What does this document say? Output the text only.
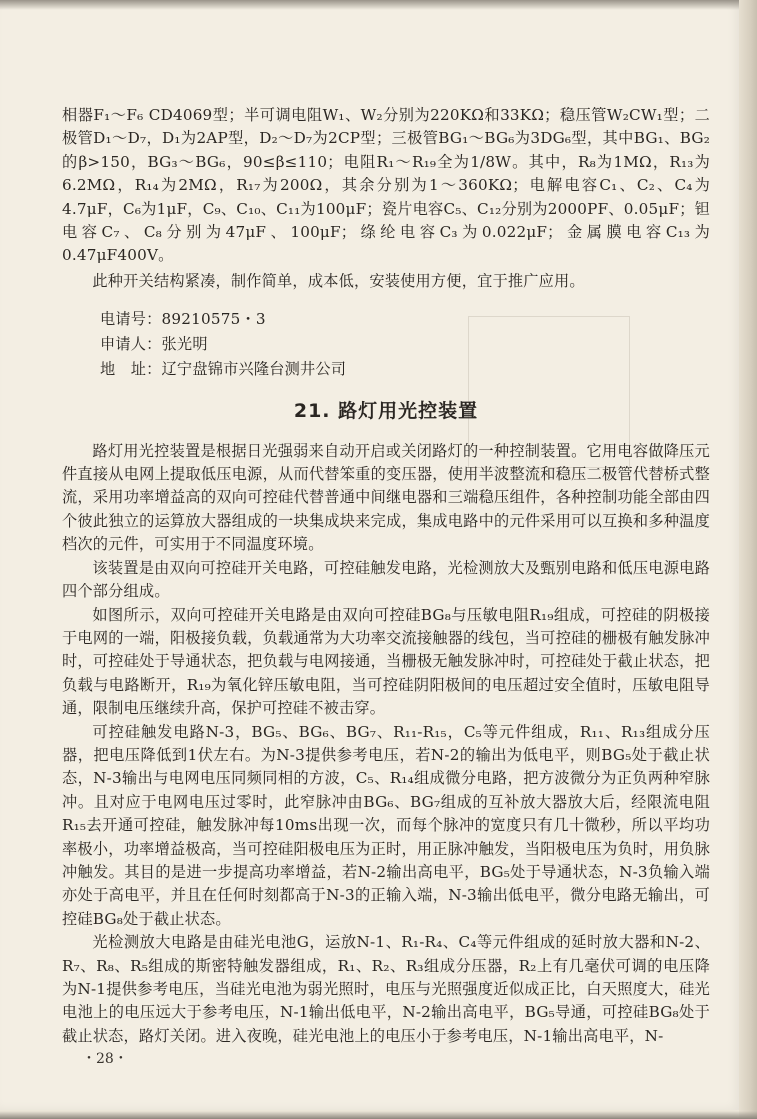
相器F₁～F₆ CD4069型；半可调电阻W₁、W₂分别为220KΩ和33KΩ；稳压管W₂CW₁型；二极管D₁～D₇，D₁为2AP型，D₂～D₇为2CP型；三极管BG₁～BG₆为3DG₆型，其中BG₁、BG₂的β>150，BG₃～BG₆，90≤β≤110；电阻R₁～R₁₉全为1/8W。其中，R₈为1MΩ，R₁₃为6.2MΩ，R₁₄为2MΩ，R₁₇为200Ω，其余分别为1～360KΩ；电解电容C₁、C₂、C₄为4.7μF，C₆为1μF，C₉、C₁₀、C₁₁为100μF；瓷片电容C₅、C₁₂分别为2000PF、0.05μF；钽电容C₇、C₈分别为47μF、100μF；绦纶电容C₃为0.022μF；金属膜电容C₁₃为0.47μF400V。

此种开关结构紧凑，制作简单，成本低，安装使用方便，宜于推广应用。

电请号：89210575・3

申请人：张光明

地　址：辽宁盘锦市兴隆台测井公司

21. 路灯用光控装置

路灯用光控装置是根据日光强弱来自动开启或关闭路灯的一种控制装置。它用电容做降压元件直接从电网上提取低压电源，从而代替笨重的变压器，使用半波整流和稳压二极管代替桥式整流，采用功率增益高的双向可控硅代替普通中间继电器和三端稳压组件，各种控制功能全部由四个彼此独立的运算放大器组成的一块集成块来完成，集成电路中的元件采用可以互换和多种温度档次的元件，可实用于不同温度环境。

该装置是由双向可控硅开关电路，可控硅触发电路，光检测放大及甄别电路和低压电源电路四个部分组成。

如图所示，双向可控硅开关电路是由双向可控硅BG₈与压敏电阻R₁₉组成，可控硅的阴极接于电网的一端，阳极接负载，负载通常为大功率交流接触器的线包，当可控硅的栅极有触发脉冲时，可控硅处于导通状态，把负载与电网接通，当栅极无触发脉冲时，可控硅处于截止状态，把负载与电路断开，R₁₉为氧化锌压敏电阻，当可控硅阴阳极间的电压超过安全值时，压敏电阻导通，限制电压继续升高，保护可控硅不被击穿。

可控硅触发电路N-3，BG₅、BG₆、BG₇、R₁₁-R₁₅，C₅等元件组成，R₁₁、R₁₃组成分压器，把电压降低到1伏左右。为N-3提供参考电压，若N-2的输出为低电平，则BG₅处于截止状态，N-3输出与电网电压同频同相的方波，C₅、R₁₄组成微分电路，把方波微分为正负两种窄脉冲。且对应于电网电压过零时，此窄脉冲由BG₆、BG₇组成的互补放大器放大后，经限流电阻R₁₅去开通可控硅，触发脉冲每10ms出现一次，而每个脉冲的宽度只有几十微秒，所以平均功率极小，功率增益极高，当可控硅阳极电压为正时，用正脉冲触发，当阳极电压为负时，用负脉冲触发。其目的是进一步提高功率增益，若N-2输出高电平，BG₅处于导通状态，N-3负输入端亦处于高电平，并且在任何时刻都高于N-3的正输入端，N-3输出低电平，微分电路无输出，可控硅BG₈处于截止状态。

光检测放大电路是由硅光电池G，运放N-1、R₁-R₄、C₄等元件组成的延时放大器和N-2、R₇、R₈、R₅组成的斯密特触发器组成，R₁、R₂、R₃组成分压器，R₂上有几毫伏可调的电压降为N-1提供参考电压，当硅光电池为弱光照时，电压与光照强度近似成正比，白天照度大，硅光电池上的电压远大于参考电压，N-1输出低电平，N-2输出高电平，BG₅导通，可控硅BG₈处于截止状态，路灯关闭。进入夜晚，硅光电池上的电压小于参考电压，N-1输出高电平，N-

・28・
